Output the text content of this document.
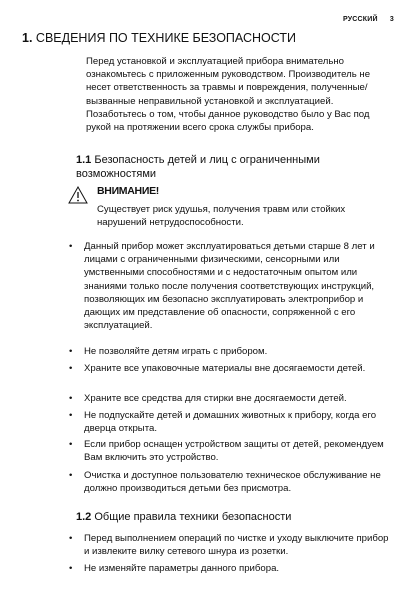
РУССКИЙ 3
1. СВЕДЕНИЯ ПО ТЕХНИКЕ БЕЗОПАСНОСТИ
Перед установкой и эксплуатацией прибора внимательно ознакомьтесь с приложенным руководством. Производитель не несет ответственность за травмы и повреждения, полученные/вызванные неправильной установкой и эксплуатацией. Позаботьтесь о том, чтобы данное руководство было у Вас под рукой на протяжении всего срока службы прибора.
1.1 Безопасность детей и лиц с ограниченными возможностями
ВНИМАНИЕ!
Существует риск удушья, получения травм или стойких нарушений нетрудоспособности.
• Данный прибор может эксплуатироваться детьми старше 8 лет и лицами с ограниченными физическими, сенсорными или умственными способностями и с недостаточным опытом или знаниями только после получения соответствующих инструкций, позволяющих им безопасно эксплуатировать электроприбор и дающих им представление об опасности, сопряженной с его эксплуатацией.
• Не позволяйте детям играть с прибором.
• Храните все упаковочные материалы вне досягаемости детей.
• Храните все средства для стирки вне досягаемости детей.
• Не подпускайте детей и домашних животных к прибору, когда его дверца открыта.
• Если прибор оснащен устройством защиты от детей, рекомендуем Вам включить это устройство.
• Очистка и доступное пользователю техническое обслуживание не должно производиться детьми без присмотра.
1.2 Общие правила техники безопасности
• Перед выполнением операций по чистке и уходу выключите прибор и извлеките вилку сетевого шнура из розетки.
• Не изменяйте параметры данного прибора.
